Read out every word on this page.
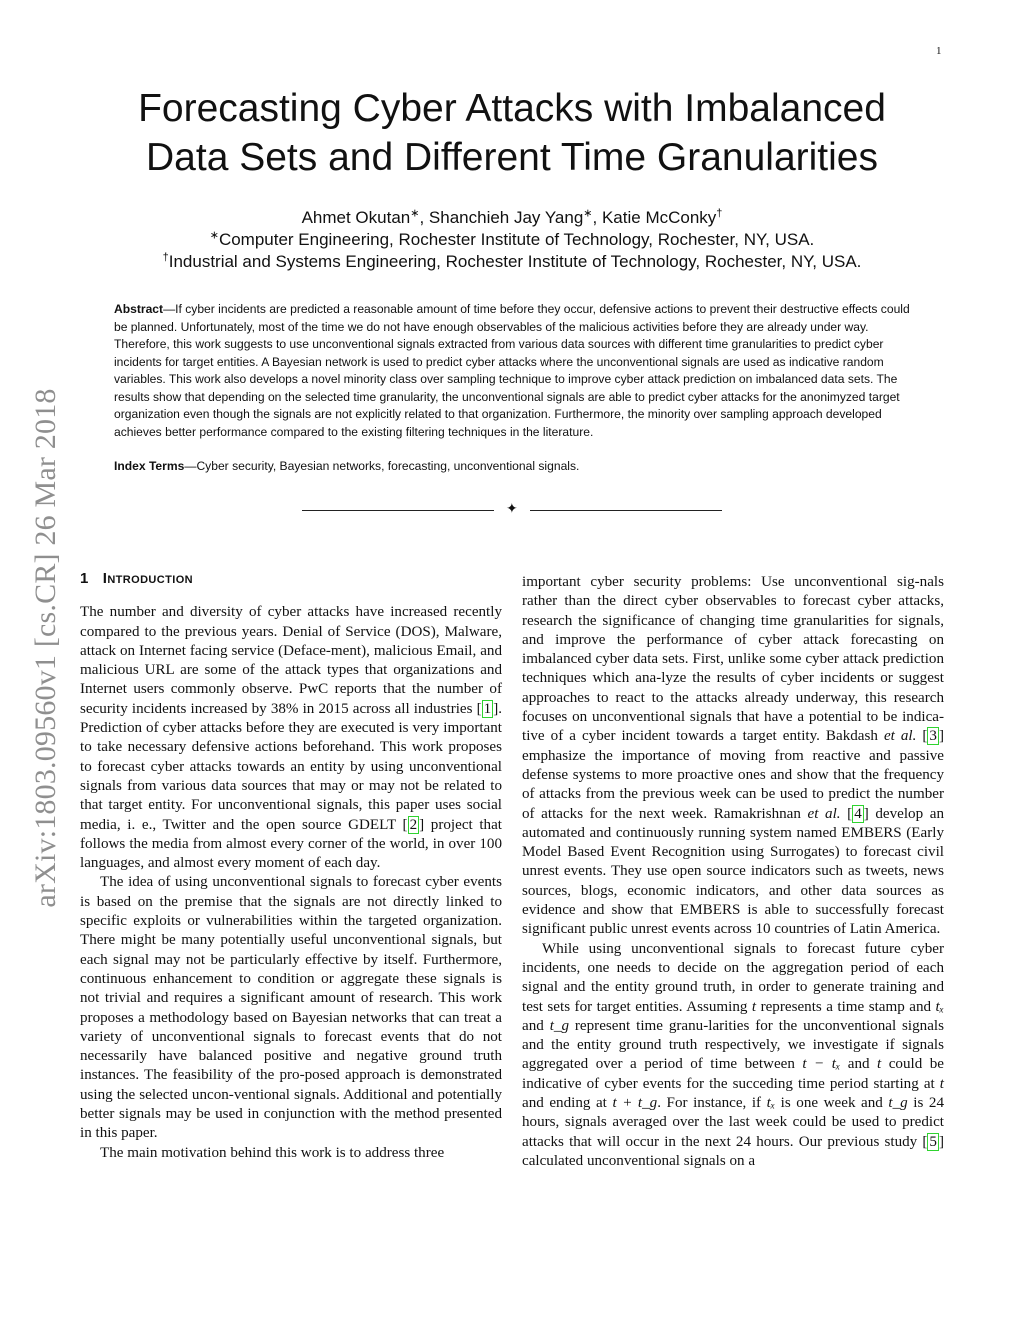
1
arXiv:1803.09560v1 [cs.CR] 26 Mar 2018
Forecasting Cyber Attacks with Imbalanced
Data Sets and Different Time Granularities
Ahmet Okutan∗, Shanchieh Jay Yang∗, Katie McConky†
∗Computer Engineering, Rochester Institute of Technology, Rochester, NY, USA.
†Industrial and Systems Engineering, Rochester Institute of Technology, Rochester, NY, USA.

Abstract—If cyber incidents are predicted a reasonable amount of time before they occur, defensive actions to prevent their destructive effects could be planned. Unfortunately, most of the time we do not have enough observables of the malicious activities before they are already under way. Therefore, this work suggests to use unconventional signals extracted from various data sources with different time granularities to predict cyber incidents for target entities. A Bayesian network is used to predict cyber attacks where the unconventional signals are used as indicative random variables. This work also develops a novel minority class over sampling technique to improve cyber attack prediction on imbalanced data sets. The results show that depending on the selected time granularity, the unconventional signals are able to predict cyber attacks for the anonimyzed target organization even though the signals are not explicitly related to that organization. Furthermore, the minority over sampling approach developed achieves better performance compared to the existing filtering techniques in the literature.

Index Terms—Cyber security, Bayesian networks, forecasting, unconventional signals.

✦
1 Introduction

The number and diversity of cyber attacks have increased recently compared to the previous years. Denial of Service (DOS), Malware, attack on Internet facing service (Deface-ment), malicious Email, and malicious URL are some of the attack types that organizations and Internet users commonly observe. PwC reports that the number of security incidents increased by 38% in 2015 across all industries [ 1 ]. Prediction of cyber attacks before they are executed is very important to take necessary defensive actions beforehand. This work proposes to forecast cyber attacks towards an entity by using unconventional signals from various data sources that may or may not be related to that target entity. For unconventional signals, this paper uses social media, i. e., Twitter and the open source GDELT [ 2 ] project that follows the media from almost every corner of the world, in over 100 languages, and almost every moment of each day.

The idea of using unconventional signals to forecast cyber events is based on the premise that the signals are not directly linked to specific exploits or vulnerabilities within the targeted organization. There might be many potentially useful unconventional signals, but each signal may not be particularly effective by itself. Furthermore, continuous enhancement to condition or aggregate these signals is not trivial and requires a significant amount of research. This work proposes a methodology based on Bayesian networks that can treat a variety of unconventional signals to forecast events that do not necessarily have balanced positive and negative ground truth instances. The feasibility of the pro-posed approach is demonstrated using the selected uncon-ventional signals. Additional and potentially better signals may be used in conjunction with the method presented in this paper.

The main motivation behind this work is to address three

important cyber security problems: Use unconventional sig-nals rather than the direct cyber observables to forecast cyber attacks, research the significance of changing time granularities for signals, and improve the performance of cyber attack forecasting on imbalanced cyber data sets. First, unlike some cyber attack prediction techniques which ana-lyze the results of cyber incidents or suggest approaches to react to the attacks already underway, this research focuses on unconventional signals that have a potential to be indica-tive of a cyber incident towards a target entity. Bakdash et al. [ 3 ] emphasize the importance of moving from reactive and passive defense systems to more proactive ones and show that the frequency of attacks from the previous week can be used to predict the number of attacks for the next week. Ramakrishnan et al. [ 4 ] develop an automated and continuously running system named EMBERS (Early Model Based Event Recognition using Surrogates) to forecast civil unrest events. They use open source indicators such as tweets, news sources, blogs, economic indicators, and other data sources as evidence and show that EMBERS is able to successfully forecast significant public unrest events across 10 countries of Latin America.

While using unconventional signals to forecast future cyber incidents, one needs to decide on the aggregation period of each signal and the entity ground truth, in order to generate training and test sets for target entities. Assuming t represents a time stamp and tₓ and t_g represent time granu-larities for the unconventional signals and the entity ground truth respectively, we investigate if signals aggregated over a period of time between t − tₓ and t could be indicative of cyber events for the succeding time period starting at t and ending at t + t_g. For instance, if tₓ is one week and t_g is 24 hours, signals averaged over the last week could be used to predict attacks that will occur in the next 24 hours. Our previous study [ 5 ] calculated unconventional signals on a
